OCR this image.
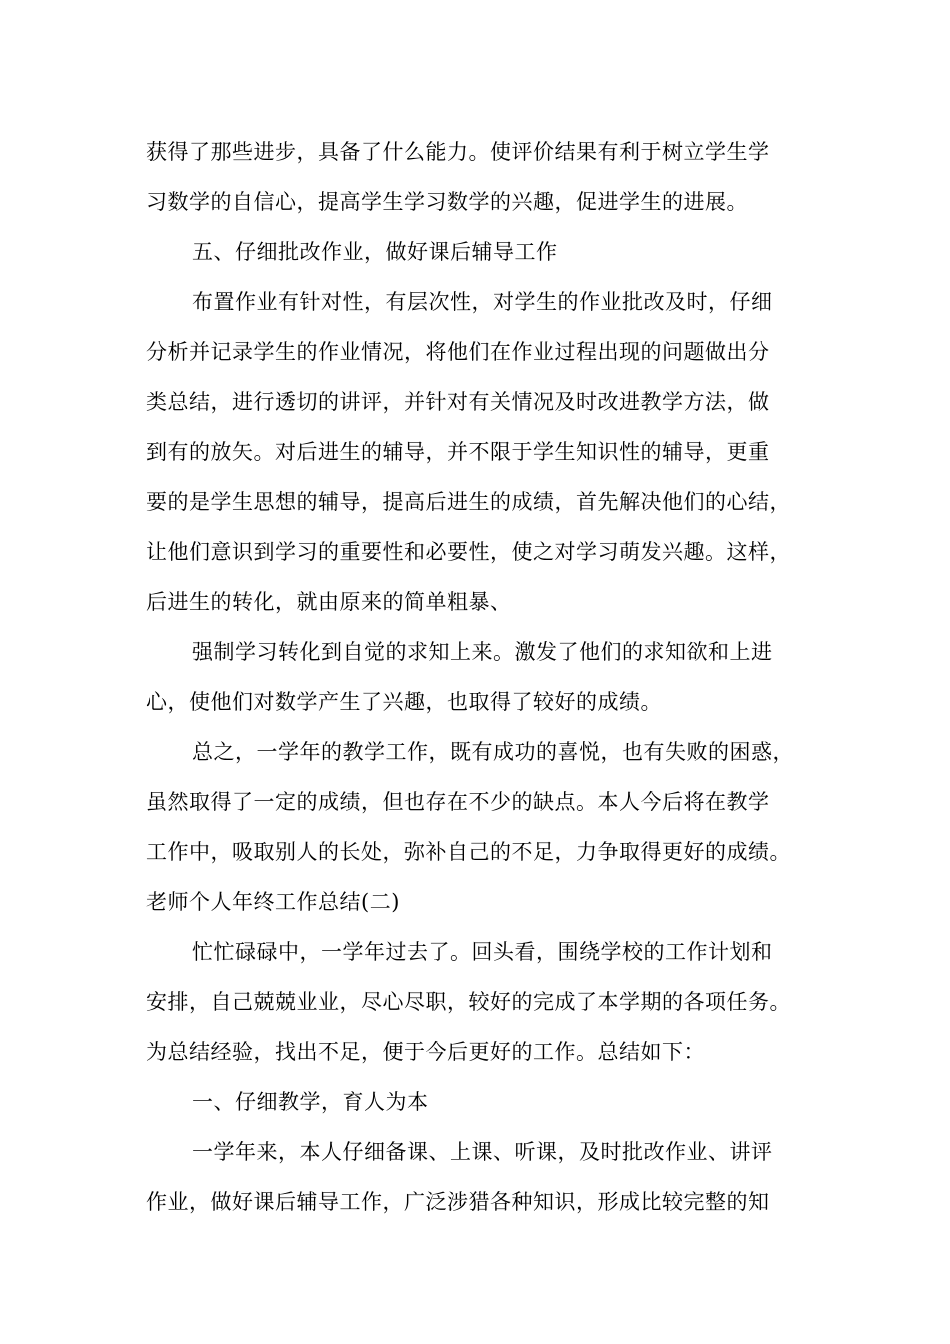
获得了那些进步，具备了什么能力。使评价结果有利于树立学生学
习数学的自信心，提高学生学习数学的兴趣，促进学生的进展。
五、仔细批改作业，做好课后辅导工作
布置作业有针对性，有层次性，对学生的作业批改及时，仔细
分析并记录学生的作业情况，将他们在作业过程出现的问题做出分
类总结，进行透切的讲评，并针对有关情况及时改进教学方法，做
到有的放矢。对后进生的辅导，并不限于学生知识性的辅导，更重
要的是学生思想的辅导，提高后进生的成绩，首先解决他们的心结，
让他们意识到学习的重要性和必要性，使之对学习萌发兴趣。这样，
后进生的转化，就由原来的简单粗暴、
强制学习转化到自觉的求知上来。激发了他们的求知欲和上进
心，使他们对数学产生了兴趣，也取得了较好的成绩。
总之，一学年的教学工作，既有成功的喜悦，也有失败的困惑，
虽然取得了一定的成绩，但也存在不少的缺点。本人今后将在教学
工作中，吸取别人的长处，弥补自己的不足，力争取得更好的成绩。
老师个人年终工作总结(二)
忙忙碌碌中，一学年过去了。回头看，围绕学校的工作计划和
安排，自己兢兢业业，尽心尽职，较好的完成了本学期的各项任务。
为总结经验，找出不足，便于今后更好的工作。总结如下：
一、仔细教学，育人为本
一学年来，本人仔细备课、上课、听课，及时批改作业、讲评
作业，做好课后辅导工作，广泛涉猎各种知识，形成比较完整的知
